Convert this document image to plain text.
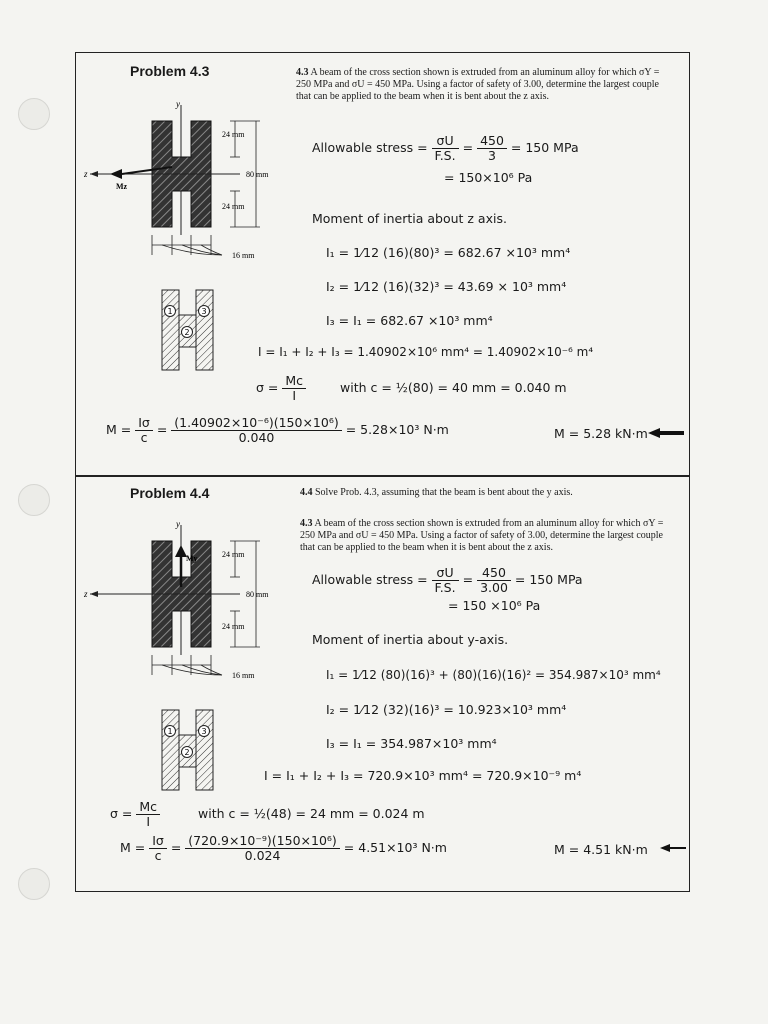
Problem 4.3	4.3 A beam of the cross section shown is extruded from an aluminum alloy for which σY = 250 MPa and σU = 450 MPa. Using a factor of safety of 3.00, determine the largest couple that can be applied to the beam when it is bent about the z axis.
1
2
3
y
z
Mz
24 mm
80 mm
24 mm
16 mm
Allowable stress = $\frac{\sigma U}{F.S.} = \frac{450}{3} = 150$ MPa
= 150×10⁶ Pa
Moment of inertia about z axis.
I₁ = 1⁄12 (16)(80)³ = 682.67 ×10³ mm⁴
I₂ = 1⁄12 (16)(32)³ = 43.69 × 10³ mm⁴
I₃ = I₁ = 682.67 ×10³ mm⁴
I = I₁ + I₂ + I₃ = 1.40902×10⁶ mm⁴ = 1.40902×10⁻⁶ m⁴
$\sigma = \frac{Mc}{I}$	with c = ½(80) = 40 mm = 0.040 m
$M = \frac{I\sigma}{c} = \frac{\text{(1.40902×10⁻⁶)(150×10⁶)}}{0.040} = 5.28\times 10^3$ N·m	M = 5.28 kN·m
Problem 4.4	4.4 Solve Prob. 4.3, assuming that the beam is bent about the y axis.
4.3 A beam of the cross section shown is extruded from an aluminum alloy for which σY = 250 MPa and σU = 450 MPa. Using a factor of safety of 3.00, determine the largest couple that can be applied to the beam when it is bent about the z axis.
1
2
3
y
z
My	24 mm
80 mm
24 mm
16 mm
Allowable stress = $\frac{\sigma U}{F.S.} = \frac{450}{3.00} = 150$ MPa
= 150 ×10⁶ Pa
Moment of inertia about y-axis.
I₁ = 1⁄12 (80)(16)³ + (80)(16)(16)² = 354.987×10³ mm⁴
I₂ = 1⁄12 (32)(16)³ = 10.923×10³ mm⁴
I₃ = I₁ = 354.987×10³ mm⁴
I = I₁ + I₂ + I₃ = 720.9×10³ mm⁴ = 720.9×10⁻⁹ m⁴
$\sigma = \frac{Mc}{I}$	with c = ½(48) = 24 mm = 0.024 m
$M = \frac{I\sigma}{c} = \frac{\text{(720.9×10⁻⁹)(150×10⁶)}}{0.024} = 4.51\times 10^3$ N·m	M = 4.51 kN·m
